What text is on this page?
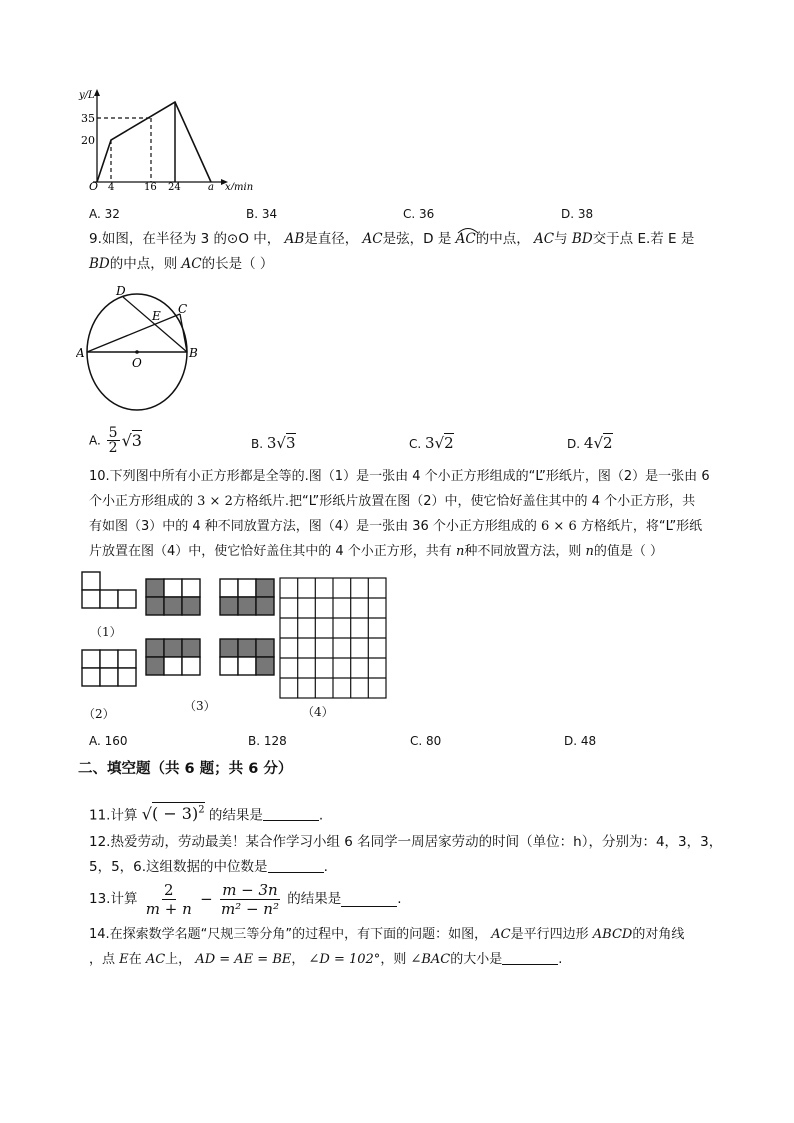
y/L
35
20
O 4	16 24	a x/min
A. 32	B. 34	C. 36	D. 38
9.如图，在半径为 3 的⊙O 中， AB是直径， AC是弦，D 是 AC的中点， AC与 BD交于点 E.若 E 是
BD的中点，则 AC的长是（ ）
D
C
E
A	B
O
A. $\frac{5}{2} √3$	B. 3√3	C. 3√2	D. 4√2
10.下列图中所有小正方形都是全等的.图（1）是一张由 4 个小正方形组成的“L”形纸片，图（2）是一张由 6
个小正方形组成的 3 × 2方格纸片.把“L”形纸片放置在图（2）中，使它恰好盖住其中的 4 个小正方形，共
有如图（3）中的 4 种不同放置方法，图（4）是一张由 36 个小正方形组成的 6 × 6 方格纸片，将“L”形纸
片放置在图（4）中，使它恰好盖住其中的 4 个小正方形，共有 n种不同放置方法，则 n的值是（ ）
（1）
（2）
（3）	（4）
A. 160	B. 128	C. 80	D. 48
二、填空题（共 6 题；共 6 分）
11.计算 √( − 3)$^2$ 的结果是	.
12.热爱劳动，劳动最美！某合作学习小组 6 名同学一周居家劳动的时间（单位：h），分别为：4，3，3，
5，5，6.这组数据的中位数是	.
13.计算 $\frac{2}{m + n} - \frac{m - 3n}{\text{m² − n²}}$ 的结果是	.
14.在探索数学名题“尺规三等分角”的过程中，有下面的问题：如图， AC是平行四边形 ABCD的对角线
，点 E在 AC上， AD = AE = BE， ∠D = 102°，则 ∠BAC的大小是	.
